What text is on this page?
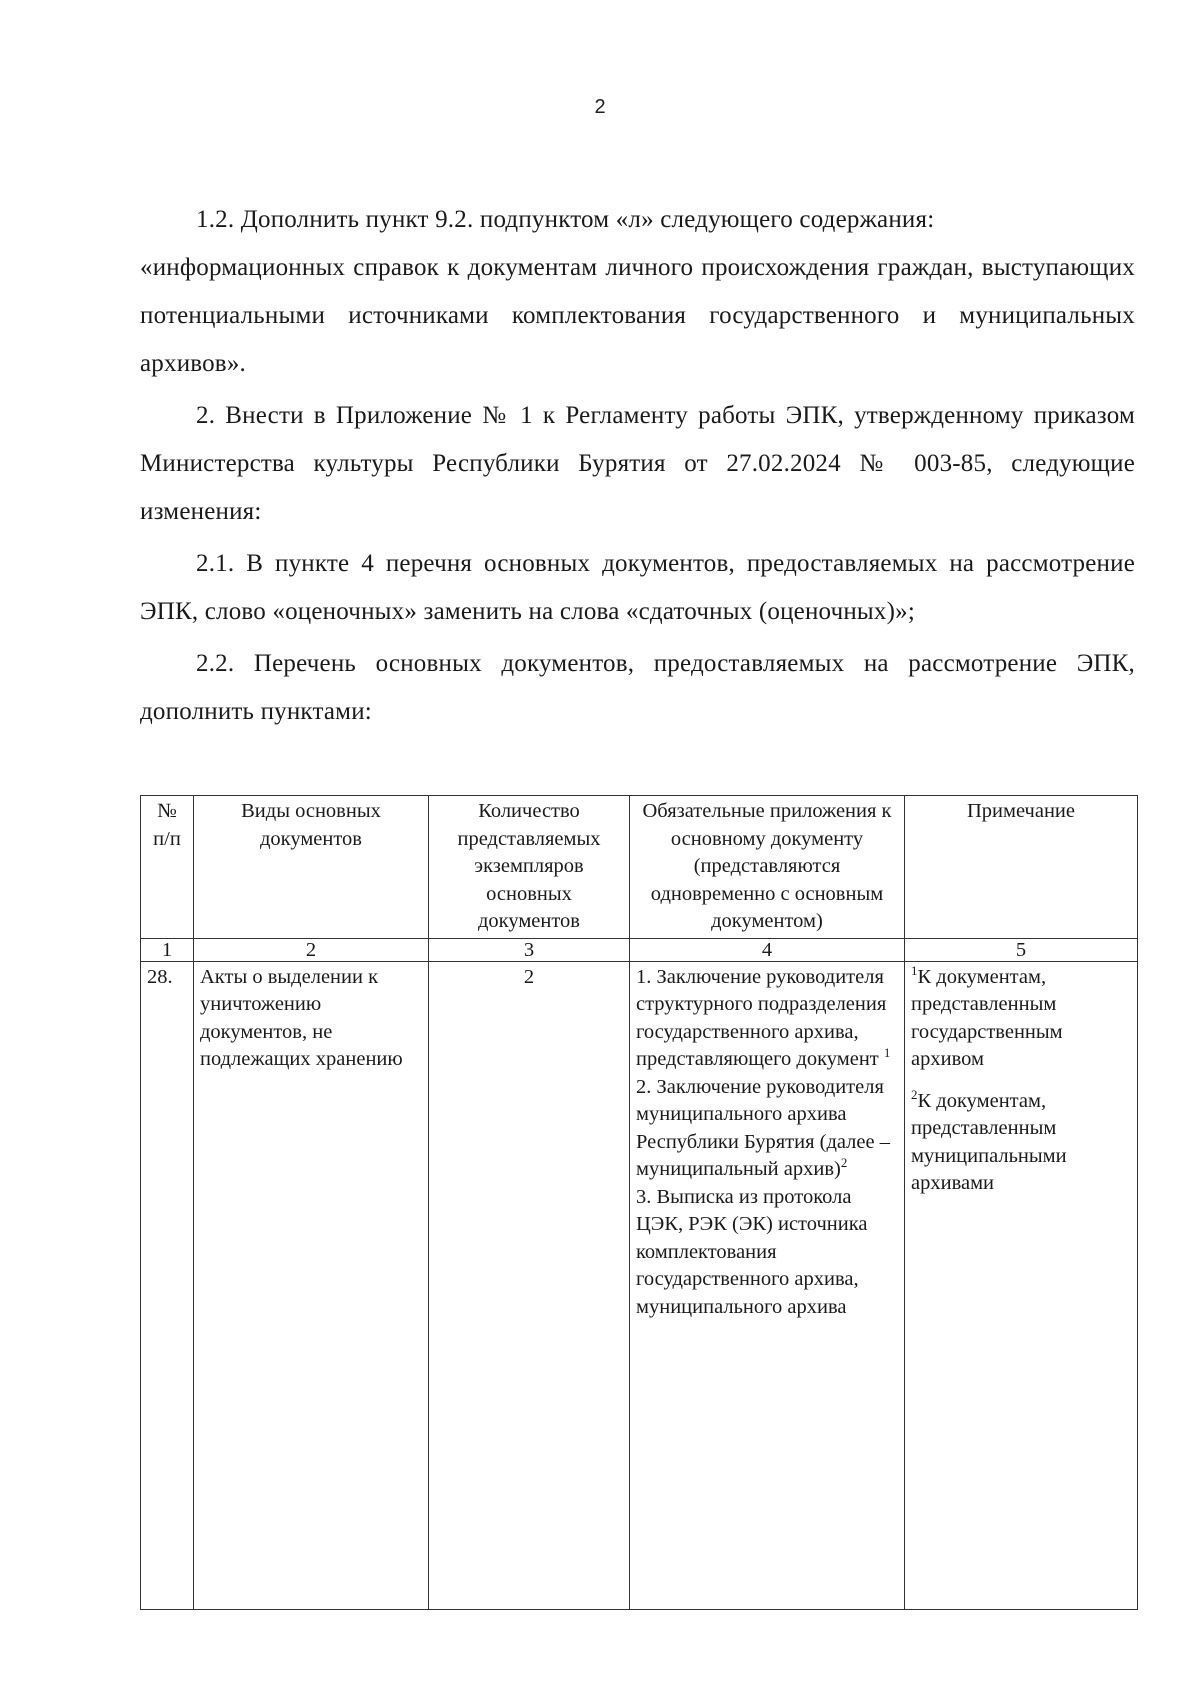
2

1.2. Дополнить пункт 9.2. подпунктом «л» следующего содержания:

«информационных справок к документам личного происхождения граждан, выступающих потенциальными источниками комплектования государственного и муниципальных архивов».

2. Внести в Приложение № 1 к Регламенту работы ЭПК, утвержденному приказом Министерства культуры Республики Бурятия от 27.02.2024 № 003-85, следующие изменения:

2.1. В пункте 4 перечня основных документов, предоставляемых на рассмотрение ЭПК, слово «оценочных» заменить на слова «сдаточных (оценочных)»;

2.2. Перечень основных документов, предоставляемых на рассмотрение ЭПК, дополнить пунктами:

№ п/п	Виды основных документов	Количество представляемых экземпляров основных документов	Обязательные приложения к основному документу (представляются одновременно с основным документом)	Примечание
1	2	3	4	5
28.	Акты о выделении к уничтожению документов, не подлежащих хранению	2	1. Заключение руководителя структурного подразделения государственного архива, представляющего документ $^1$
2. Заключение руководителя муниципального архива Республики Бурятия (далее – муниципальный архив)$^2$
3. Выписка из протокола ЦЭК, РЭК (ЭК) источника комплектования государственного архива, муниципального архива	$^1$К документам, представленным государственным архивом
$^2$К документам, представленным муниципальными архивами
